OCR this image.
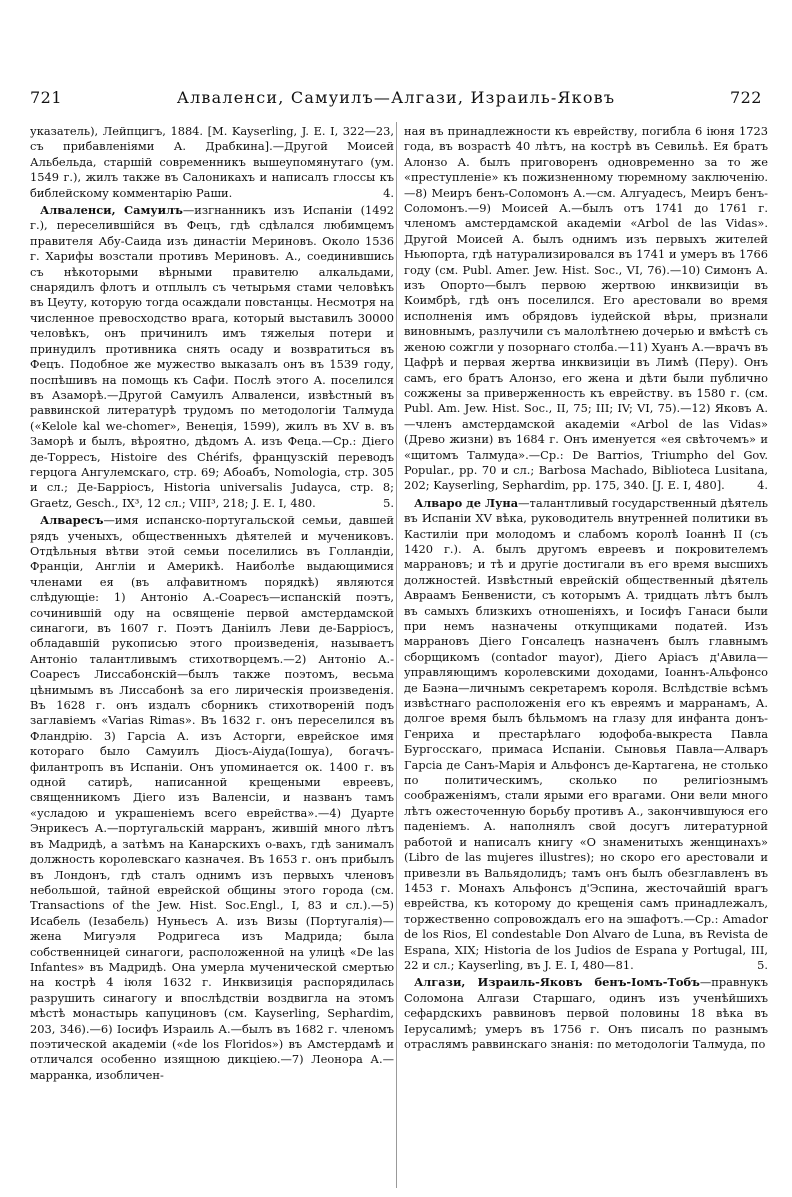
721	Алваленси, Самуилъ—Алгази, Израиль-Яковъ	722

указатель), Лейпцигъ, 1884. [M. Kayserling, J. E. I, 322—23, съ прибавленіями А. Драбкина].—Другой Моисей Альбельда, старшій современникъ вышеупомянутаго (ум. 1549 г.), жилъ также въ Салоникахъ и написалъ глоссы къ библейскому комментарію Раши.	4.

Алваленси, Самуилъ—изгнанникъ изъ Испаніи (1492 г.), переселившійся въ Фецъ, гдѣ сдѣлался любимцемъ правителя Абу-Саида изъ династіи Мериновъ. Около 1536 г. Харифы возстали противъ Мериновъ. А., соединившись съ нѣкоторыми вѣрными правителю алкальдами, снарядилъ флотъ и отплылъ съ четырьмя стами человѣкъ въ Цеуту, которую тогда осаждали повстанцы. Несмотря на численное превосходство врага, который выставилъ 30000 человѣкъ, онъ причинилъ имъ тяжелыя потери и принудилъ противника снять осаду и возвратиться въ Фецъ. Подобное же мужество выказалъ онъ въ 1539 году, поспѣшивъ на помощь къ Сафи. Послѣ этого А. поселился въ Азаморѣ.—Другой Самуилъ Алваленси, извѣстный въ раввинской литературѣ трудомъ по методологіи Талмуда («Kelole kal we-chomer», Венеція, 1599), жилъ въ XV в. въ Заморѣ и былъ, вѣроятно, дѣдомъ А. изъ Феца.—Ср.: Діего де-Торресъ, Histoire des Chérifs, французскій переводъ герцога Ангулемскаго, стр. 69; Абоабъ, Nomologia, стр. 305 и сл.; Де-Барріосъ, Historia universalis Judayca, стр. 8; Graetz, Gesch., IX³, 12 сл.; VIII³, 218; J. E. I, 480.	5.

Алваресъ—имя испанско-португальской семьи, давшей рядъ ученыхъ, общественныхъ дѣятелей и мучениковъ. Отдѣльныя вѣтви этой семьи поселились въ Голландіи, Франціи, Англіи и Америкѣ. Наиболѣе выдающимися членами ея (въ алфавитномъ порядкѣ) являются слѣдующіе: 1) Антоніо А.-Соаресъ—испанскій поэтъ, сочинившій оду на освященіе первой амстердамской синагоги, въ 1607 г. Поэтъ Даніилъ Леви де-Барріосъ, обладавшій рукописью этого произведенія, называетъ Антоніо талантливымъ стихотворцемъ.—2) Антоніо А.-Соаресъ Лиссабонскій—былъ также поэтомъ, весьма цѣнимымъ въ Лиссабонѣ за его лирическія произведенія. Въ 1628 г. онъ издалъ сборникъ стихотвореній подъ заглавіемъ «Varias Rimas». Въ 1632 г. онъ переселился въ Фландрію. 3) Гарсіа А. изъ Асторги, еврейское имя котораго было Самуилъ Діосъ-Аіуда(Іошуа), богачъ-филантропъ въ Испаніи. Онъ упоминается ок. 1400 г. въ одной сатирѣ, написанной крещеными евреевъ, священникомъ Діего изъ Валенсіи, и названъ тамъ «усладою и украшеніемъ всего еврейства».—4) Дуарте Энрикесъ А.—португальскій марранъ, жившій много лѣтъ въ Мадридѣ, а затѣмъ на Канарскихъ о-вахъ, гдѣ занималъ должность королевскаго казначея. Въ 1653 г. онъ прибылъ въ Лондонъ, гдѣ сталъ однимъ изъ первыхъ членовъ небольшой, тайной еврейской общины этого города (см. Transactions of the Jew. Hist. Soc.Engl., I, 83 и сл.).—5) Исабель (Іезабель) Нуньесъ А. изъ Визы (Португалія)—жена Мигуэля Родригеса изъ Мадрида; была собственницей синагоги, расположенной на улицѣ «De las Infantes» въ Мадридѣ. Она умерла мученической смертью на кострѣ 4 іюля 1632 г. Инквизиція распорядилась разрушить синагогу и впослѣдствіи воздвигла на этомъ мѣстѣ монастырь капуциновъ (см. Kayserling, Sephardim, 203, 346).—6) Іосифъ Израиль А.—былъ въ 1682 г. членомъ поэтической академіи («de los Floridos») въ Амстердамѣ и отличался особенно изящною дикціею.—7) Леонора А.—марранка, изобличен-

ная въ принадлежности къ еврейству, погибла 6 іюня 1723 года, въ возрастѣ 40 лѣтъ, на кострѣ въ Севильѣ. Ея братъ Алонзо А. былъ приговоренъ одновременно за то же «преступленіе» къ пожизненному тюремному заключенію.—8) Меиръ бенъ-Соломонъ А.—см. Алгуадесъ, Меиръ бенъ-Соломонъ.—9) Моисей А.—былъ отъ 1741 до 1761 г. членомъ амстердамской академіи «Arbol de las Vidas». Другой Моисей А. былъ однимъ изъ первыхъ жителей Ньюпорта, гдѣ натурализировался въ 1741 и умеръ въ 1766 году (см. Publ. Amer. Jew. Hist. Soc., VI, 76).—10) Симонъ А. изъ Опорто—былъ первою жертвою инквизиціи въ Коимбрѣ, гдѣ онъ поселился. Его арестовали во время исполненія имъ обрядовъ іудейской вѣры, признали виновнымъ, разлучили съ малолѣтнею дочерью и вмѣстѣ съ женою сожгли у позорнаго столба.—11) Хуанъ А.—врачъ въ Цафрѣ и первая жертва инквизиціи въ Лимѣ (Перу). Онъ самъ, его братъ Алонзо, его жена и дѣти были публично сожжены за приверженность къ еврейству. въ 1580 г. (см. Publ. Am. Jew. Hist. Soc., II, 75; III; IV; VI, 75).—12) Яковъ А.—членъ амстердамской академіи «Arbol de las Vidas» (Древо жизни) въ 1684 г. Онъ именуется «ея свѣточемъ» и «щитомъ Талмуда».—Ср.: De Barrios, Triumpho del Gov. Popular., pp. 70 и сл.; Barbosa Machado, Biblioteca Lusitana, 202; Kayserling, Sephardim, pp. 175, 340. [J. E. I, 480].	4.

Алваро де Луна—талантливый государственный дѣятель въ Испаніи XV вѣка, руководитель внутренней политики въ Кастиліи при молодомъ и слабомъ королѣ Іоаннѣ II (съ 1420 г.). А. былъ другомъ евреевъ и покровителемъ маррановъ; и тѣ и другіе достигали въ его время высшихъ должностей. Извѣстный еврейскій общественный дѣятель Авраамъ Бенвенисти, съ которымъ А. тридцать лѣтъ былъ въ самыхъ близкихъ отношеніяхъ, и Іосифъ Ганаси были при немъ назначены откупщиками податей. Изъ маррановъ Діего Гонсалецъ назначенъ былъ главнымъ сборщикомъ (contador mayor), Діего Аріасъ д'Авила—управляющимъ королевскими доходами, Іоаннъ-Альфонсо де Баэна—личнымъ секретаремъ короля. Вслѣдствіе всѣмъ извѣстнаго расположенія его къ евреямъ и марранамъ, А. долгое время былъ бѣльмомъ на глазу для инфанта донъ-Генриха и престарѣлаго юдофоба-выкреста Павла Бургосскаго, примаса Испаніи. Сыновья Павла—Алваръ Гарсіа де Санъ-Марія и Альфонсъ де-Картагена, не столько по политическимъ, сколько по религіознымъ соображеніямъ, стали ярыми его врагами. Они вели много лѣтъ ожесточенную борьбу противъ А., закончившуюся его паденіемъ. А. наполнялъ свой досугъ литературной работой и написалъ книгу «О знаменитыхъ женщинахъ» (Libro de las mujeres illustres); но скоро его арестовали и привезли въ Вальядолидъ; тамъ онъ былъ обезглавленъ въ 1453 г. Монахъ Альфонсъ д'Эспина, жесточайшій врагъ еврейства, къ которому до крещенія самъ принадлежалъ, торжественно сопровождалъ его на эшафотъ.—Ср.: Amador de los Rios, El condestable Don Alvaro de Luna, въ Revista de Espana, XIX; Historia de los Judios de Espana y Portugal, III, 22 и сл.; Kayserling, въ J. E. I, 480—81.	5.

Алгази, Израиль-Яковъ бенъ-Іомъ-Тобъ—правнукъ Соломона Алгази Старшаго, одинъ изъ ученѣйшихъ сефардскихъ раввиновъ первой половины 18 вѣка въ Іерусалимѣ; умеръ въ 1756 г. Онъ писалъ по разнымъ отраслямъ раввинскаго знанія: по методологіи Талмуда, по
